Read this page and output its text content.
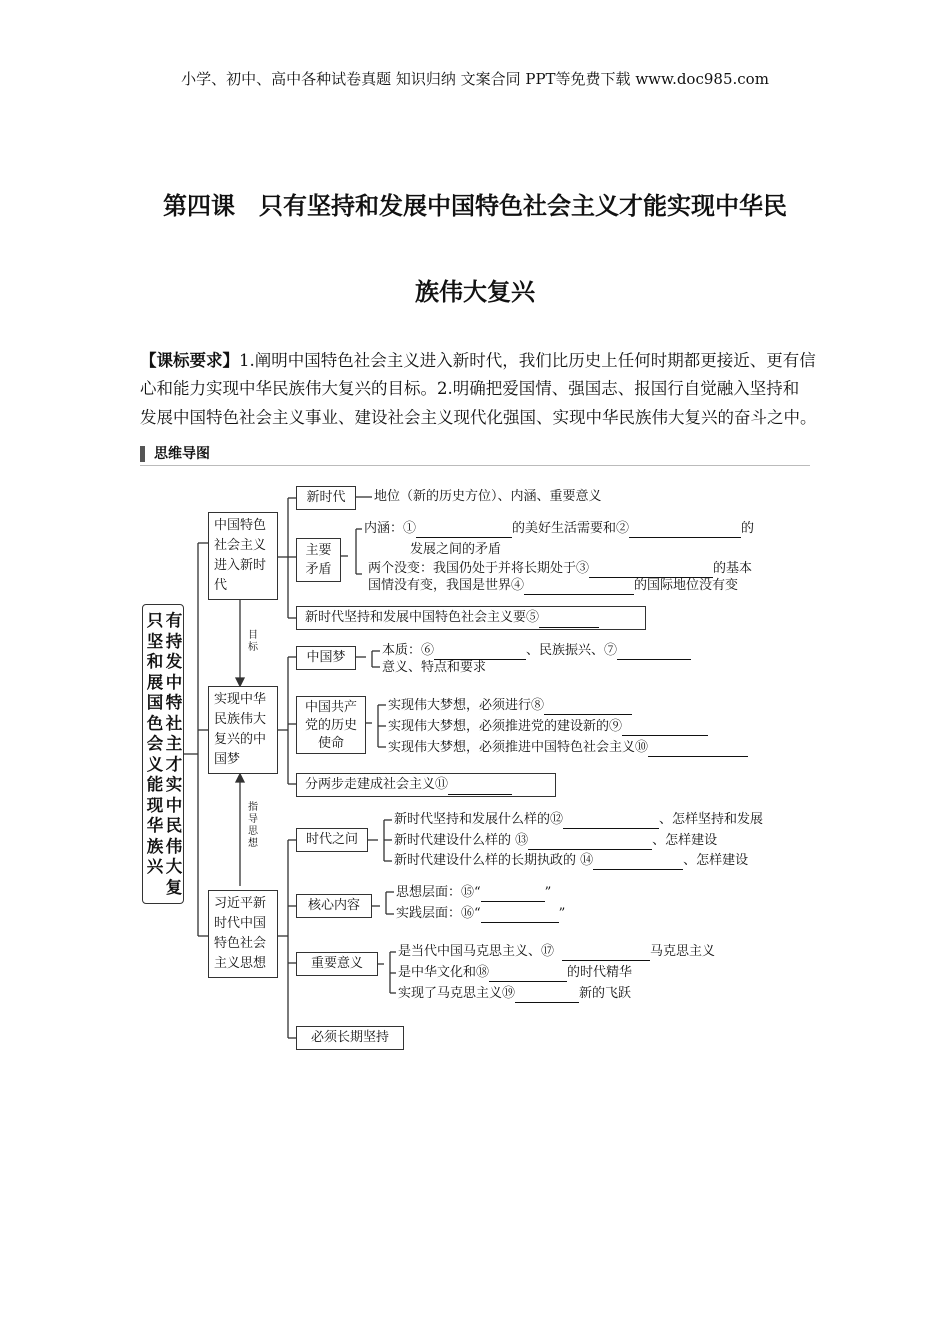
小学、初中、高中各种试卷真题 知识归纳 文案合同 PPT等免费下载 www.doc985.com
第四课　只有坚持和发展中国特色社会主义才能实现中华民
族伟大复兴
【课标要求】1.阐明中国特色社会主义进入新时代，我们比历史上任何时期都更接近、更有信
心和能力实现中华民族伟大复兴的目标。2.明确把爱国情、强国志、报国行自觉融入坚持和
发展中国特色社会主义事业、建设社会主义现代化强国、实现中华民族伟大复兴的奋斗之中。
思维导图
只
坚
和
展
国
色
会
义
能
现
华
族
兴
有
持
发
中
特
社
主
才
实
中
民
伟
大
复
中国特色社会主义进入新时代
实现中华民族伟大复兴的中国梦
习近平新时代中国特色社会主义思想
目标
指导思想
新时代	地位（新的历史方位）、内涵、重要意义
主要矛盾
内涵：①	的美好生活需要和②	的
发展之间的矛盾
两个没变：我国仍处于并将长期处于③	的基本
国情没有变，我国是世界④	的国际地位没有变
新时代坚持和发展中国特色社会主义要⑤
中国梦	本质：⑥	、民族振兴、⑦
意义、特点和要求
中国共产党的历史使命
实现伟大梦想，必须进行⑧
实现伟大梦想，必须推进党的建设新的⑨
实现伟大梦想，必须推进中国特色社会主义⑩
分两步走建成社会主义⑪
时代之问
新时代坚持和发展什么样的⑫	、怎样坚持和发展
新时代建设什么样的 ⑬	、怎样建设
新时代建设什么样的长期执政的 ⑭	、怎样建设
核心内容
思想层面：⑮“	”
实践层面：⑯“	”
重要意义
是当代中国马克思主义、⑰	马克思主义
是中华文化和⑱	的时代精华
实现了马克思主义⑲	新的飞跃
必须长期坚持
